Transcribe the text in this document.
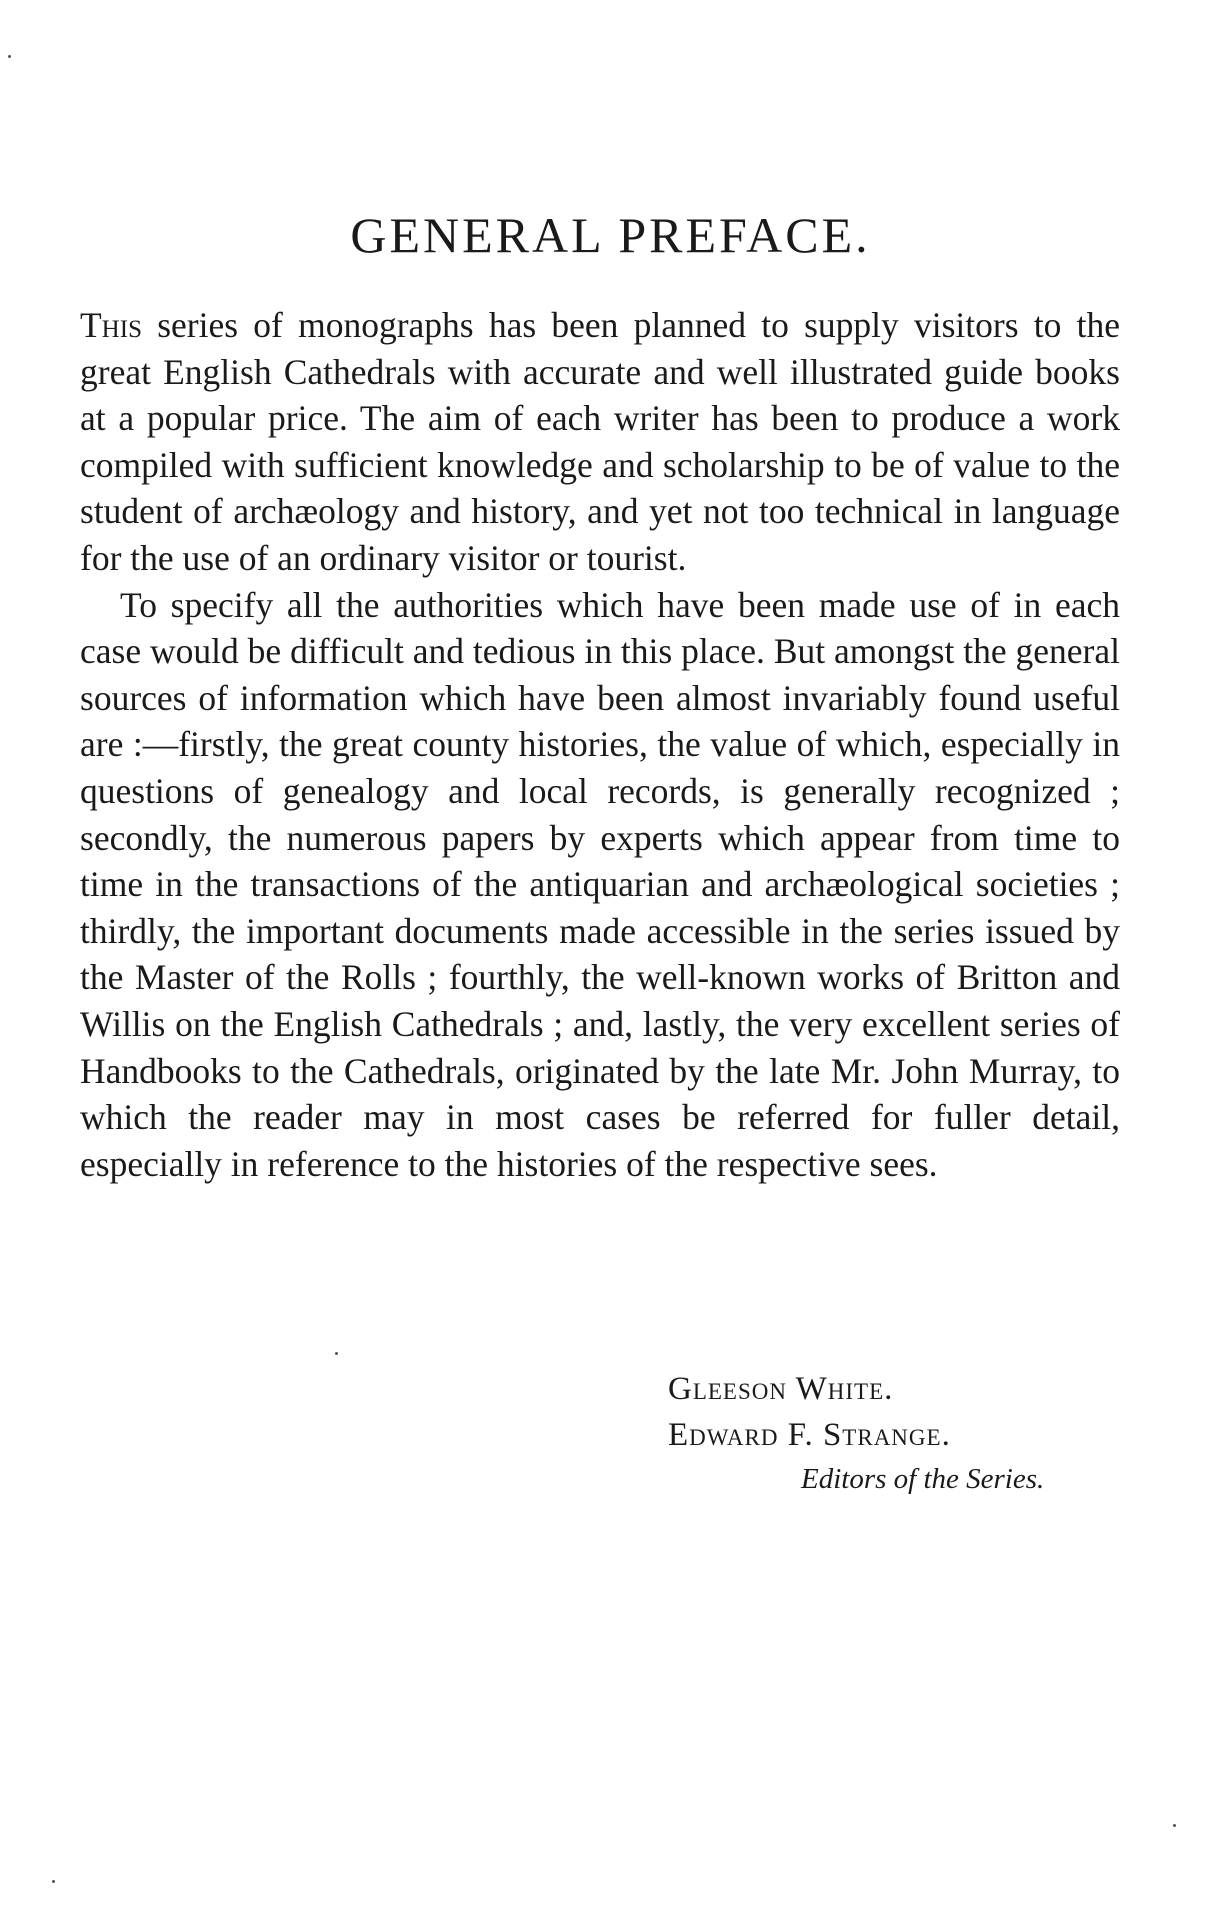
GENERAL PREFACE.

This series of monographs has been planned to supply visitors to the great English Cathedrals with accurate and well illustrated guide books at a popular price. The aim of each writer has been to produce a work compiled with sufficient knowledge and scholarship to be of value to the student of archæology and history, and yet not too technical in language for the use of an ordinary visitor or tourist.

To specify all the authorities which have been made use of in each case would be difficult and tedious in this place. But amongst the general sources of information which have been almost invariably found useful are :—firstly, the great county histories, the value of which, especially in questions of genealogy and local records, is generally recognized ; secondly, the numerous papers by experts which appear from time to time in the transactions of the antiquarian and archæological societies ; thirdly, the important documents made accessible in the series issued by the Master of the Rolls ; fourthly, the well-known works of Britton and Willis on the English Cathedrals ; and, lastly, the very excellent series of Handbooks to the Cathedrals, originated by the late Mr. John Murray, to which the reader may in most cases be referred for fuller detail, especially in reference to the histories of the respective sees.

Gleeson White.
Edward F. Strange.
Editors of the Series.
